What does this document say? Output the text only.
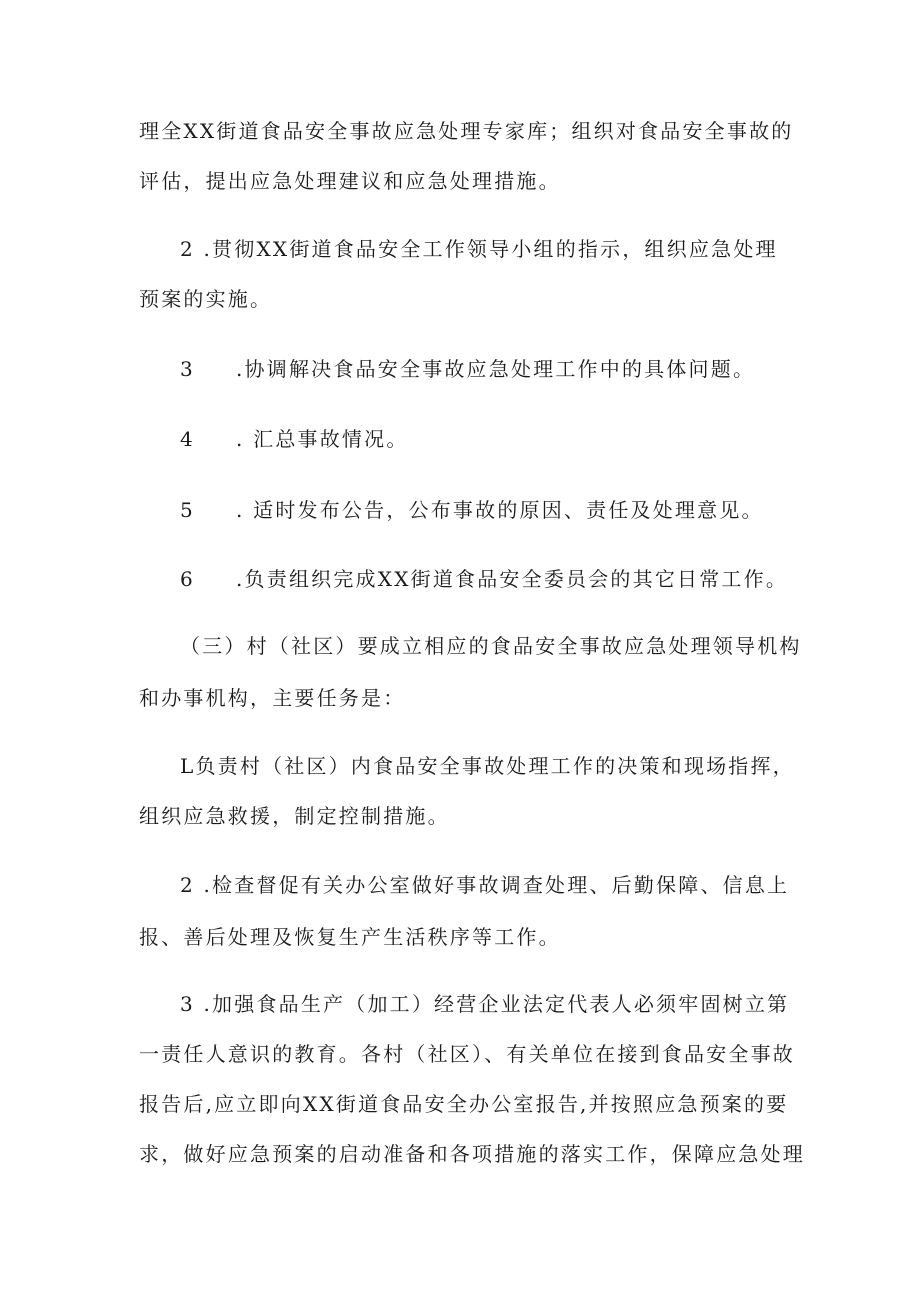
理全XX街道食品安全事故应急处理专家库；组织对食品安全事故的
评估，提出应急处理建议和应急处理措施。
2 .贯彻XX街道食品安全工作领导小组的指示，组织应急处理
预案的实施。
3 .协调解决食品安全事故应急处理工作中的具体问题。
4 . 汇总事故情况。
5 . 适时发布公告，公布事故的原因、责任及处理意见。
6 .负责组织完成XX街道食品安全委员会的其它日常工作。
（三）村（社区）要成立相应的食品安全事故应急处理领导机构
和办事机构，主要任务是：
L负责村（社区）内食品安全事故处理工作的决策和现场指挥，
组织应急救援，制定控制措施。
2 .检查督促有关办公室做好事故调查处理、后勤保障、信息上
报、善后处理及恢复生产生活秩序等工作。
3 .加强食品生产（加工）经营企业法定代表人必须牢固树立第
一责任人意识的教育。各村（社区）、有关单位在接到食品安全事故
报告后,应立即向XX街道食品安全办公室报告,并按照应急预案的要
求，做好应急预案的启动准备和各项措施的落实工作，保障应急处理
